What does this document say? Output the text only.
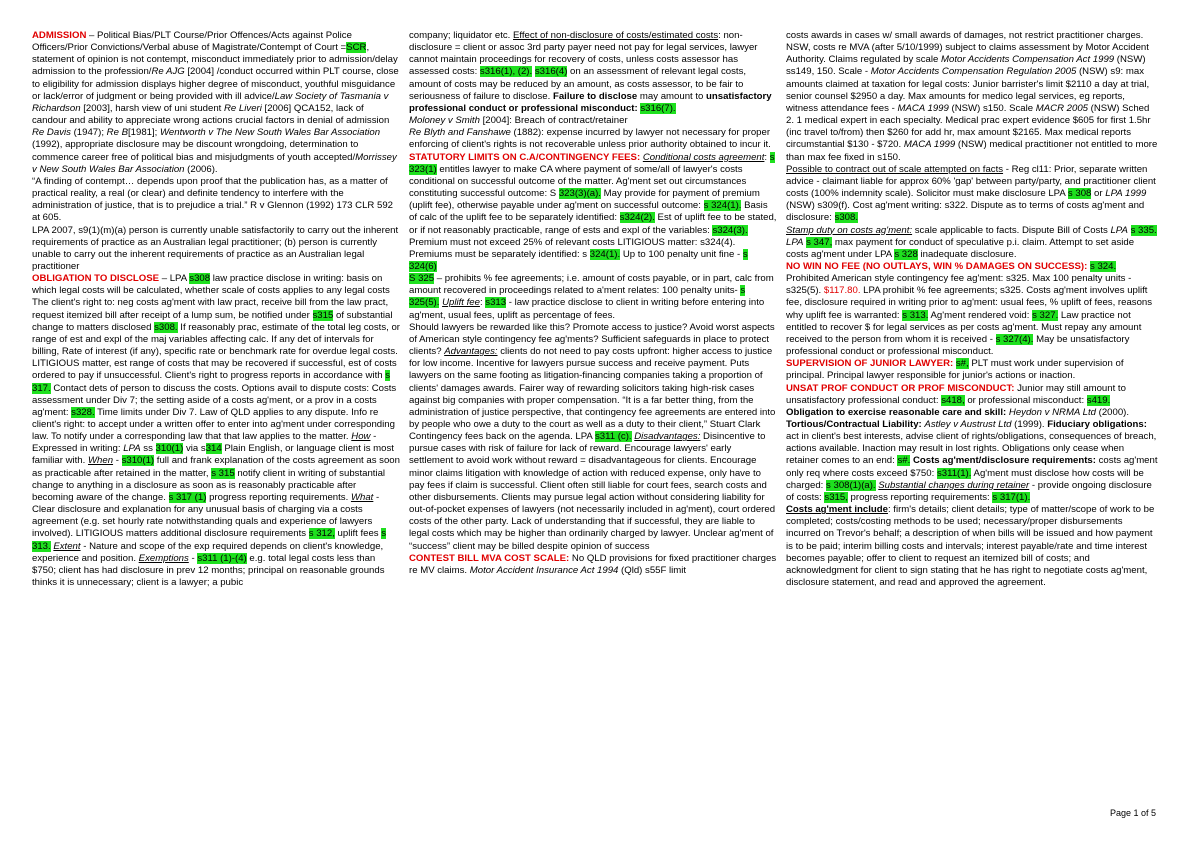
ADMISSION – Political Bias/PLT Course/Prior Offences/Acts against Police Officers/Prior Convictions/Verbal abuse of Magistrate/Contempt of Court =SCR, statement of opinion is not contempt, misconduct immediately prior to admission/delay admission to the profession/Re AJG [2004] /conduct occurred within PLT course, close to eligibility for admission displays higher degree of misconduct, youthful misguidance or lack/error of judgment or being provided with ill advice/Law Society of Tasmania v Richardson [2003], harsh view of uni student Re Liveri [2006] QCA152, lack of candour and ability to appreciate wrong actions crucial factors in denial of admission Re Davis (1947); Re B[1981]; Wentworth v The New South Wales Bar Association (1992), appropriate disclosure may be discount wrongdoing, determination to commence career free of political bias and misjudgments of youth accepted/Morrissey v New South Wales Bar Association (2006).

“A finding of contempt… depends upon proof that the publication has, as a matter of practical reality, a real (or clear) and definite tendency to interfere with the administration of justice, that is to prejudice a trial.” R v Glennon (1992) 173 CLR 592 at 605.

LPA 2007, s9(1)(m)(a) person is currently unable satisfactorily to carry out the inherent requirements of practice as an Australian legal practitioner; (b) person is currently unable to carry out the inherent requirements of practice as an Australian legal practitioner

OBLIGATION TO DISCLOSE – LPA s308 law practice disclose in writing: basis on which legal costs will be calculated, whether scale of costs applies to any legal costs The client's right to: neg costs ag'ment with law pract, receive bill from the law pract, request itemized bill after receipt of a lump sum, be notified under s315 of substantial change to matters disclosed s308. If reasonably prac, estimate of the total leg costs, or range of est and expl of the maj variables affecting calc. If any det of intervals for billing, Rate of interest (if any), specific rate or benchmark rate for overdue legal costs. LITIGIOUS matter, est range of costs that may be recovered if successful, est of costs ordered to pay if unsuccessful. Client's right to progress reports in accordance with s 317. Contact dets of person to discuss the costs. Options avail to dispute costs: Costs assessment under Div 7; the setting aside of a costs ag'ment, or a prov in a costs ag'ment: s328. Time limits under Div 7. Law of QLD applies to any dispute. Info re client's right: to accept under a written offer to enter into ag'ment under corresponding law. To notify under a corresponding law that that law applies to the matter. How - Expressed in writing: LPA ss 310(1) via s314 Plain English, or language client is most familiar with. When - s310(1) full and frank explanation of the costs agreement as soon as practicable after retained in the matter, s 315 notify client in writing of substantial change to anything in a disclosure as soon as is reasonably practicable after becoming aware of the change. s 317 (1) progress reporting requirements. What - Clear disclosure and explanation for any unusual basis of charging via a costs agreement (e.g. set hourly rate notwithstanding quals and experience of lawyers involved). LITIGIOUS matters additional disclosure requirements s 312, uplift fees s 313. Extent - Nature and scope of the exp required depends on client's knowledge, experience and position. Exemptions - s311 (1)-(4) e.g. total legal costs less than $750; client has had disclosure in prev 12 months; principal on reasonable grounds thinks it is unnecessary; client is a lawyer; a pubic

company; liquidator etc. Effect of non-disclosure of costs/estimated costs: non-disclosure = client or assoc 3rd party payer need not pay for legal services, lawyer cannot maintain proceedings for recovery of costs, unless costs assessor has assessed costs: s316(1), (2). s316(4) on an assessment of relevant legal costs, amount of costs may be reduced by an amount, as costs assessor, to be fair to seriousness of failure to disclose. Failure to disclose may amount to unsatisfactory professional conduct or professional misconduct: s316(7).

Moloney v Smith [2004]: Breach of contract/retainer

Re Blyth and Fanshawe (1882): expense incurred by lawyer not necessary for proper enforcing of client's rights is not recoverable unless prior authority obtained to incur it.

STATUTORY LIMITS ON C.A/CONTINGENCY FEES: Conditional costs agreement: s 323(1) entitles lawyer to make CA where payment of some/all of lawyer's costs conditional on successful outcome of the matter. Ag'ment set out circumstances constituting successful outcome: S 323(3)(a). May provide for payment of premium (uplift fee), otherwise payable under ag'ment on successful outcome: s 324(1). Basis of calc of the uplift fee to be separately identified: s324(2). Est of uplift fee to be stated, or if not reasonably practicable, range of ests and expl of the variables: s324(3). Premium must not exceed 25% of relevant costs LITIGIOUS matter: s324(4). Premiums must be separately identified: s 324(1). Up to 100 penalty unit fine - s 324(6)

S 325 – prohibits % fee agreements; i.e. amount of costs payable, or in part, calc from amount recovered in proceedings related to a'ment relates: 100 penalty units- s 325(5). Uplift fee: s313 - law practice disclose to client in writing before entering into ag'ment, usual fees, uplift as percentage of fees.

Should lawyers be rewarded like this? Promote access to justice? Avoid worst aspects of American style contingency fee ag'ments? Sufficient safeguards in place to protect clients? Advantages: clients do not need to pay costs upfront: higher access to justice for low income. Incentive for lawyers pursue success and receive payment. Puts lawyers on the same footing as litigation-financing companies taking a proportion of clients' damages awards. Fairer way of rewarding solicitors taking high-risk cases against big companies with proper compensation. “It is a far better thing, from the administration of justice perspective, that contingency fee agreements are entered into by people who owe a duty to the court as well as a duty to their client,” Stuart Clark Contingency fees back on the agenda. LPA s311 (c). Disadvantages: Disincentive to pursue cases with risk of failure for lack of reward. Encourage lawyers' early settlement to avoid work without reward = disadvantageous for clients. Encourage minor claims litigation with knowledge of action with reduced expense, only have to pay fees if claim is successful. Client often still liable for court fees, search costs and other disbursements. Clients may pursue legal action without considering liability for out-of-pocket expenses of lawyers (not necessarily included in ag'ment), court ordered costs of the other party. Lack of understanding that if successful, they are liable to legal costs which may be higher than ordinarily charged by lawyer. Unclear ag'ment of “success” client may be billed despite opinion of success

CONTEST BILL MVA COST SCALE: No QLD provisions for fixed practitioner charges re MV claims. Motor Accident Insurance Act 1994 (Qld) s55F limit

costs awards in cases w/ small awards of damages, not restrict practitioner charges. NSW, costs re MVA (after 5/10/1999) subject to claims assessment by Motor Accident Authority. Claims regulated by scale Motor Accidents Compensation Act 1999 (NSW) ss149, 150. Scale - Motor Accidents Compensation Regulation 2005 (NSW) s9: max amounts claimed at taxation for legal costs: Junior barrister's limit $2110 a day at trial, senior counsel $2950 a day. Max amounts for medico legal services, eg reports, witness attendance fees - MACA 1999 (NSW) s150. Scale MACR 2005 (NSW) Sched 2. 1 medical expert in each specialty. Medical prac expert evidence $605 for first 1.5hr (inc travel to/from) then $260 for add hr, max amount $2165. Max medical reports circumstantial $130 - $720. MACA 1999 (NSW) medical practitioner not entitled to more than max fee fixed in s150.

Possible to contract out of scale attempted on facts - Reg cl11: Prior, separate written advice - claimant liable for approx 60% 'gap' between party/party, and practitioner client costs (100% indemnity scale). Solicitor must make disclosure LPA s 308 or LPA 1999 (NSW) s309(f). Cost ag'ment writing: s322. Dispute as to terms of costs ag'ment and disclosure: s308.

Stamp duty on costs ag'ment: scale applicable to facts. Dispute Bill of Costs LPA s 335. LPA s 347, max payment for conduct of speculative p.i. claim. Attempt to set aside costs ag'ment under LPA s 328 inadequate disclosure.

NO WIN NO FEE (NO OUTLAYS, WIN % DAMAGES ON SUCCESS): s 324. Prohibited American style contingency fee ag'ment: s325. Max 100 penalty units - s325(5). $117.80. LPA prohibit % fee agreements; s325. Costs ag'ment involves uplift fee, disclosure required in writing prior to ag'ment: usual fees, % uplift of fees, reasons why uplift fee is warranted: s 313. Ag'ment rendered void: s 327. Law practice not entitled to recover $ for legal services as per costs ag'ment. Must repay any amount received to the person from whom it is received - s 327(4). May be unsatisfactory professional conduct or professional misconduct.

SUPERVISION OF JUNIOR LAWYER: s#, PLT must work under supervision of principal. Principal lawyer responsible for junior's actions or inaction.

UNSAT PROF CONDUCT OR PROF MISCONDUCT: Junior may still amount to unsatisfactory professional conduct: s418, or professional misconduct: s419. Obligation to exercise reasonable care and skill: Heydon v NRMA Ltd (2000). Tortious/Contractual Liability: Astley v Austrust Ltd (1999). Fiduciary obligations: act in client's best interests, advise client of rights/obligations, consequences of breach, actions available. Inaction may result in lost rights. Obligations only cease when retainer comes to an end: s#. Costs ag'ment/disclosure requirements: costs ag'ment only req where costs exceed $750: s311(1). Ag'ment must disclose how costs will be charged: s 308(1)(a). Substantial changes during retainer - provide ongoing disclosure of costs: s315, progress reporting requirements: s 317(1).

Costs ag'ment include: firm's details; client details; type of matter/scope of work to be completed; costs/costing methods to be used; necessary/proper disbursements incurred on Trevor's behalf; a description of when bills will be issued and how payment is to be paid; interim billing costs and intervals; interest payable/rate and time interest becomes payable; offer to client to request an itemized bill of costs; and acknowledgment for client to sign stating that he has right to negotiate costs ag'ment, disclosure statement, and read and approved the agreement.

Page 1 of 5
